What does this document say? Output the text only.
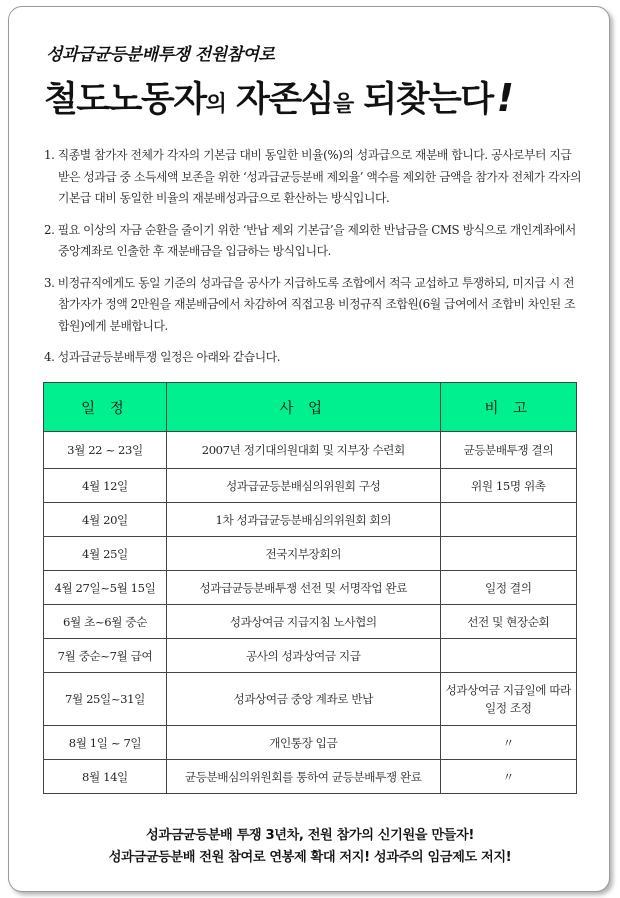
성과급균등분배투쟁 전원참여로
철도노동자의 자존심을 되찾는다 !

1. 직종별 참가자 전체가 각자의 기본급 대비 동일한 비율(%)의 성과급으로 재분배 합니다. 공사로부터 지급 받은 성과급 중 소득세액 보존을 위한 ‘성과급균등분배 제외율’ 액수를 제외한 금액을 참가자 전체가 각자의 기본급 대비 동일한 비율의 재분배성과급으로 환산하는 방식입니다.

2. 필요 이상의 자금 순환을 줄이기 위한 ‘반납 제외 기본급’을 제외한 반납금을 CMS 방식으로 개인계좌에서 중앙계좌로 인출한 후 재분배금을 입금하는 방식입니다.

3. 비정규직에게도 동일 기준의 성과급을 공사가 지급하도록 조합에서 적극 교섭하고 투쟁하되, 미지급 시 전 참가자가 정액 2만원을 재분배금에서 차감하여 직접고용 비정규직 조합원(6월 급여에서 조합비 차인된 조합원)에게 분배합니다.

4. 성과급균등분배투쟁 일정은 아래와 같습니다.

일 정	사 업	비 고
3월 22 ~ 23일	2007년 정기대의원대회 및 지부장 수련회	균등분배투쟁 결의
4월 12일	성과급균등분배심의위원회 구성	위원 15명 위촉
4월 20일	1차 성과급균등분배심의위원회 회의	
4월 25일	전국지부장회의	
4월 27일~5월 15일	성과급균등분배투쟁 선전 및 서명작업 완료	일정 결의
6월 초~6월 중순	성과상여금 지급지침 노사협의	선전 및 현장순회
7월 중순~7월 급여	공사의 성과상여금 지급	
7월 25일~31일	성과상여금 중앙 계좌로 반납	성과상여금 지급일에 따라 일정 조정
8월 1일 ~ 7일	개인통장 입금	〃
8월 14일	균등분배심의위원회를 통하여 균등분배투쟁 완료	〃
성과금균등분배 투쟁 3년차, 전원 참가의 신기원을 만들자!
성과금균등분배 전원 참여로 연봉제 확대 저지! 성과주의 임금제도 저지!
